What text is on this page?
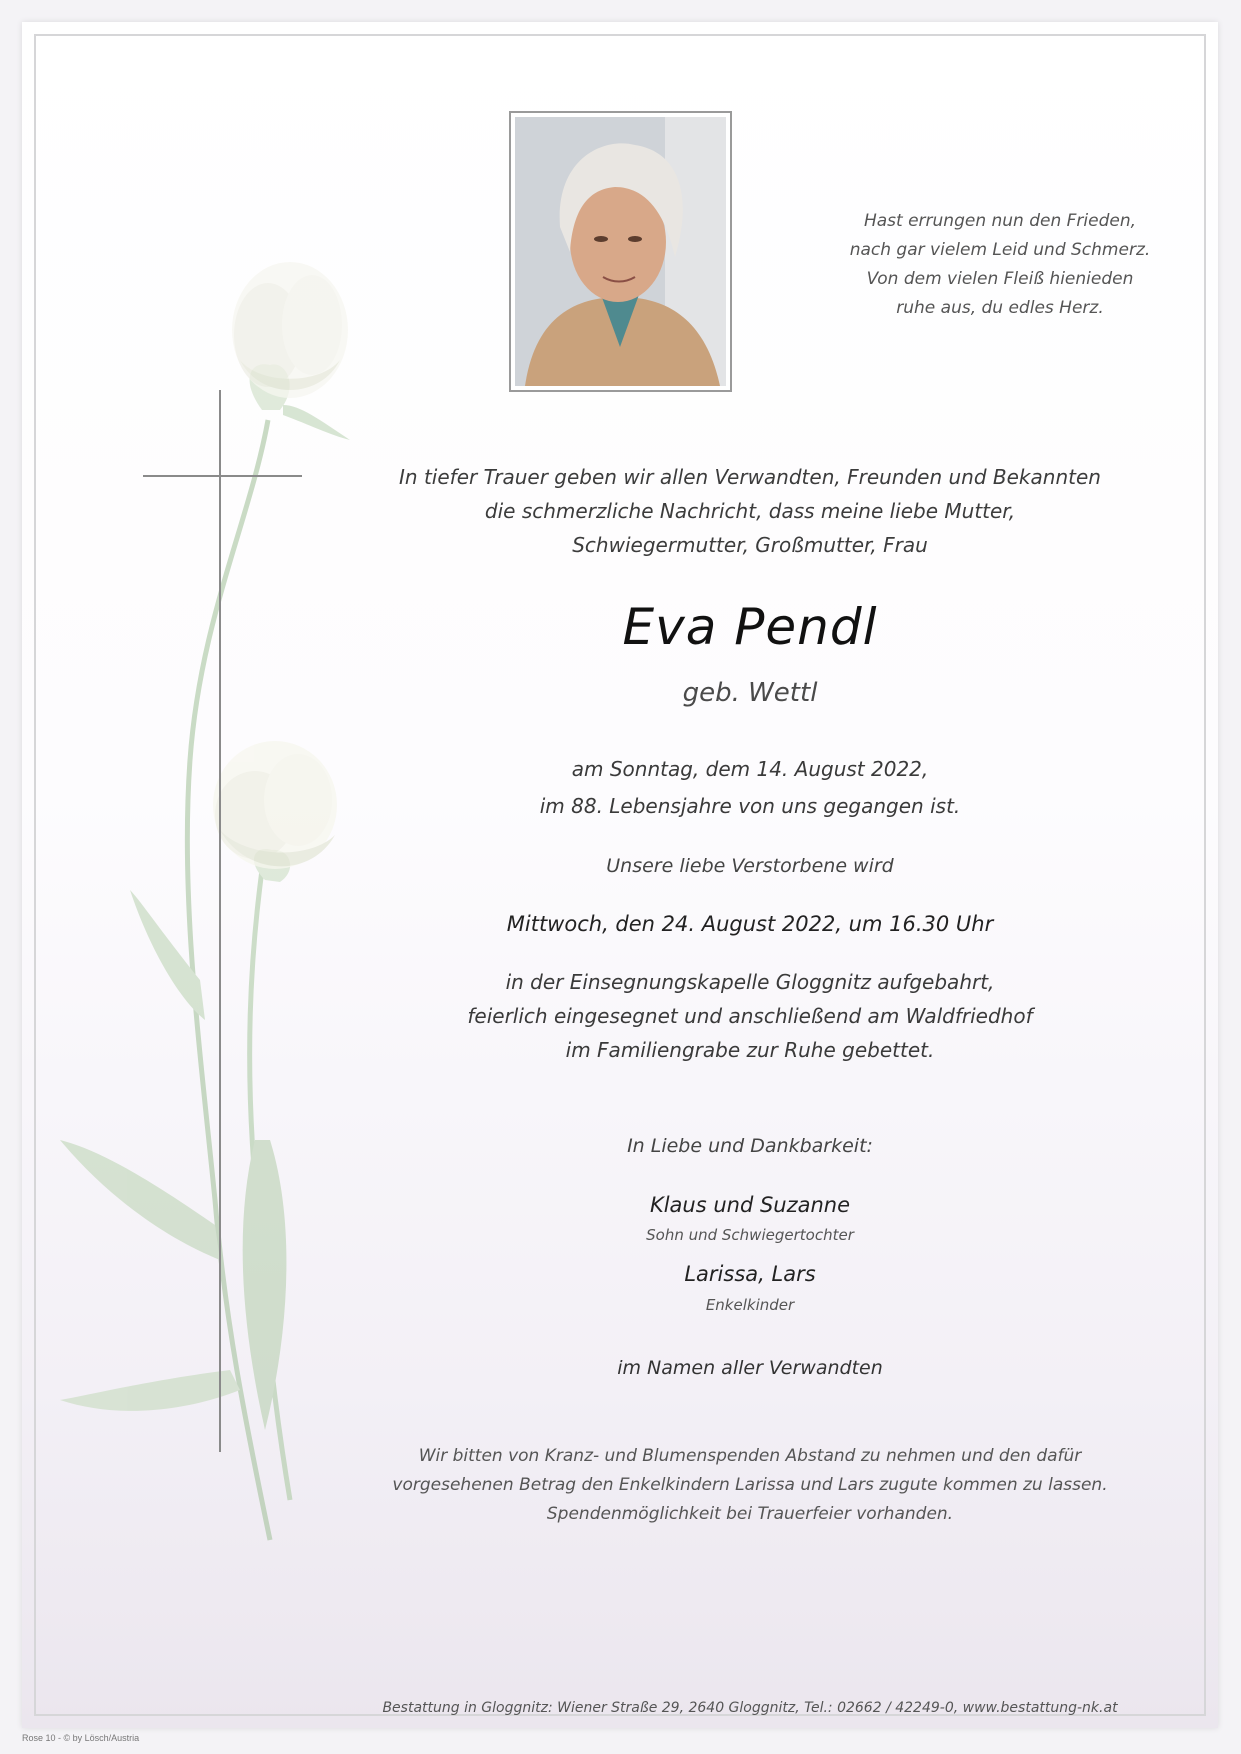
Hast errungen nun den Frieden,
nach gar vielem Leid und Schmerz.
Von dem vielen Fleiß hienieden
ruhe aus, du edles Herz.
In tiefer Trauer geben wir allen Verwandten, Freunden und Bekannten
die schmerzliche Nachricht, dass meine liebe Mutter,
Schwiegermutter, Großmutter, Frau
Eva Pendl
geb. Wettl
am Sonntag, dem 14. August 2022,
im 88. Lebensjahre von uns gegangen ist.
Unsere liebe Verstorbene wird
Mittwoch, den 24. August 2022, um 16.30 Uhr
in der Einsegnungskapelle Gloggnitz aufgebahrt,
feierlich eingesegnet und anschließend am Waldfriedhof
im Familiengrabe zur Ruhe gebettet.
In Liebe und Dankbarkeit:
Klaus und Suzanne
Sohn und Schwiegertochter
Larissa, Lars
Enkelkinder
im Namen aller Verwandten
Wir bitten von Kranz- und Blumenspenden Abstand zu nehmen und den dafür
vorgesehenen Betrag den Enkelkindern Larissa und Lars zugute kommen zu lassen.
Spendenmöglichkeit bei Trauerfeier vorhanden.
Bestattung in Gloggnitz: Wiener Straße 29, 2640 Gloggnitz, Tel.: 02662 / 42249-0, www.bestattung-nk.at
Rose 10 - © by Lösch/Austria
